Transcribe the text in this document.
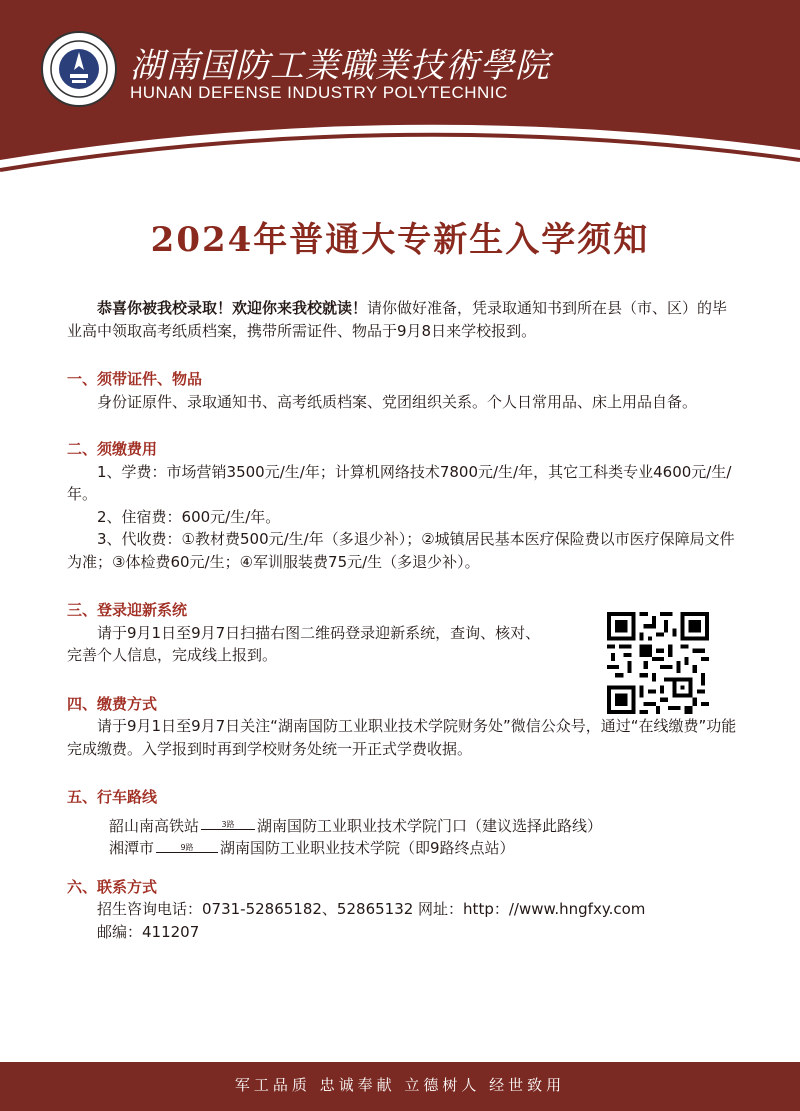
湖南国防工業職業技術學院
HUNAN DEFENSE INDUSTRY POLYTECHNIC
2024年普通大专新生入学须知

恭喜你被我校录取！欢迎你来我校就读！请你做好准备，凭录取通知书到所在县（市、区）的毕业高中领取高考纸质档案，携带所需证件、物品于9月8日来学校报到。

一、须带证件、物品

身份证原件、录取通知书、高考纸质档案、党团组织关系。个人日常用品、床上用品自备。

二、须缴费用

1、学费：市场营销3500元/生/年；计算机网络技术7800元/生/年，其它工科类专业4600元/生/年。

2、住宿费：600元/生/年。

3、代收费：①教材费500元/生/年（多退少补）；②城镇居民基本医疗保险费以市医疗保障局文件为准；③体检费60元/生；④军训服装费75元/生（多退少补）。

三、登录迎新系统

请于9月1日至9月7日扫描右图二维码登录迎新系统，查询、核对、完善个人信息，完成线上报到。

四、缴费方式

请于9月1日至9月7日关注“湖南国防工业职业技术学院财务处”微信公众号，通过“在线缴费”功能完成缴费。入学报到时再到学校财务处统一开正式学费收据。

五、行车路线

韶山南高铁站	3路 湖南国防工业职业技术学院门口（建议选择此路线）
湘潭市	9路 湖南国防工业职业技术学院（即9路终点站）

六、联系方式

招生咨询电话：0731-52865182、52865132 网址：http：//www.hngfxy.com

邮编：411207

军工品质 忠诚奉献 立德树人 经世致用
